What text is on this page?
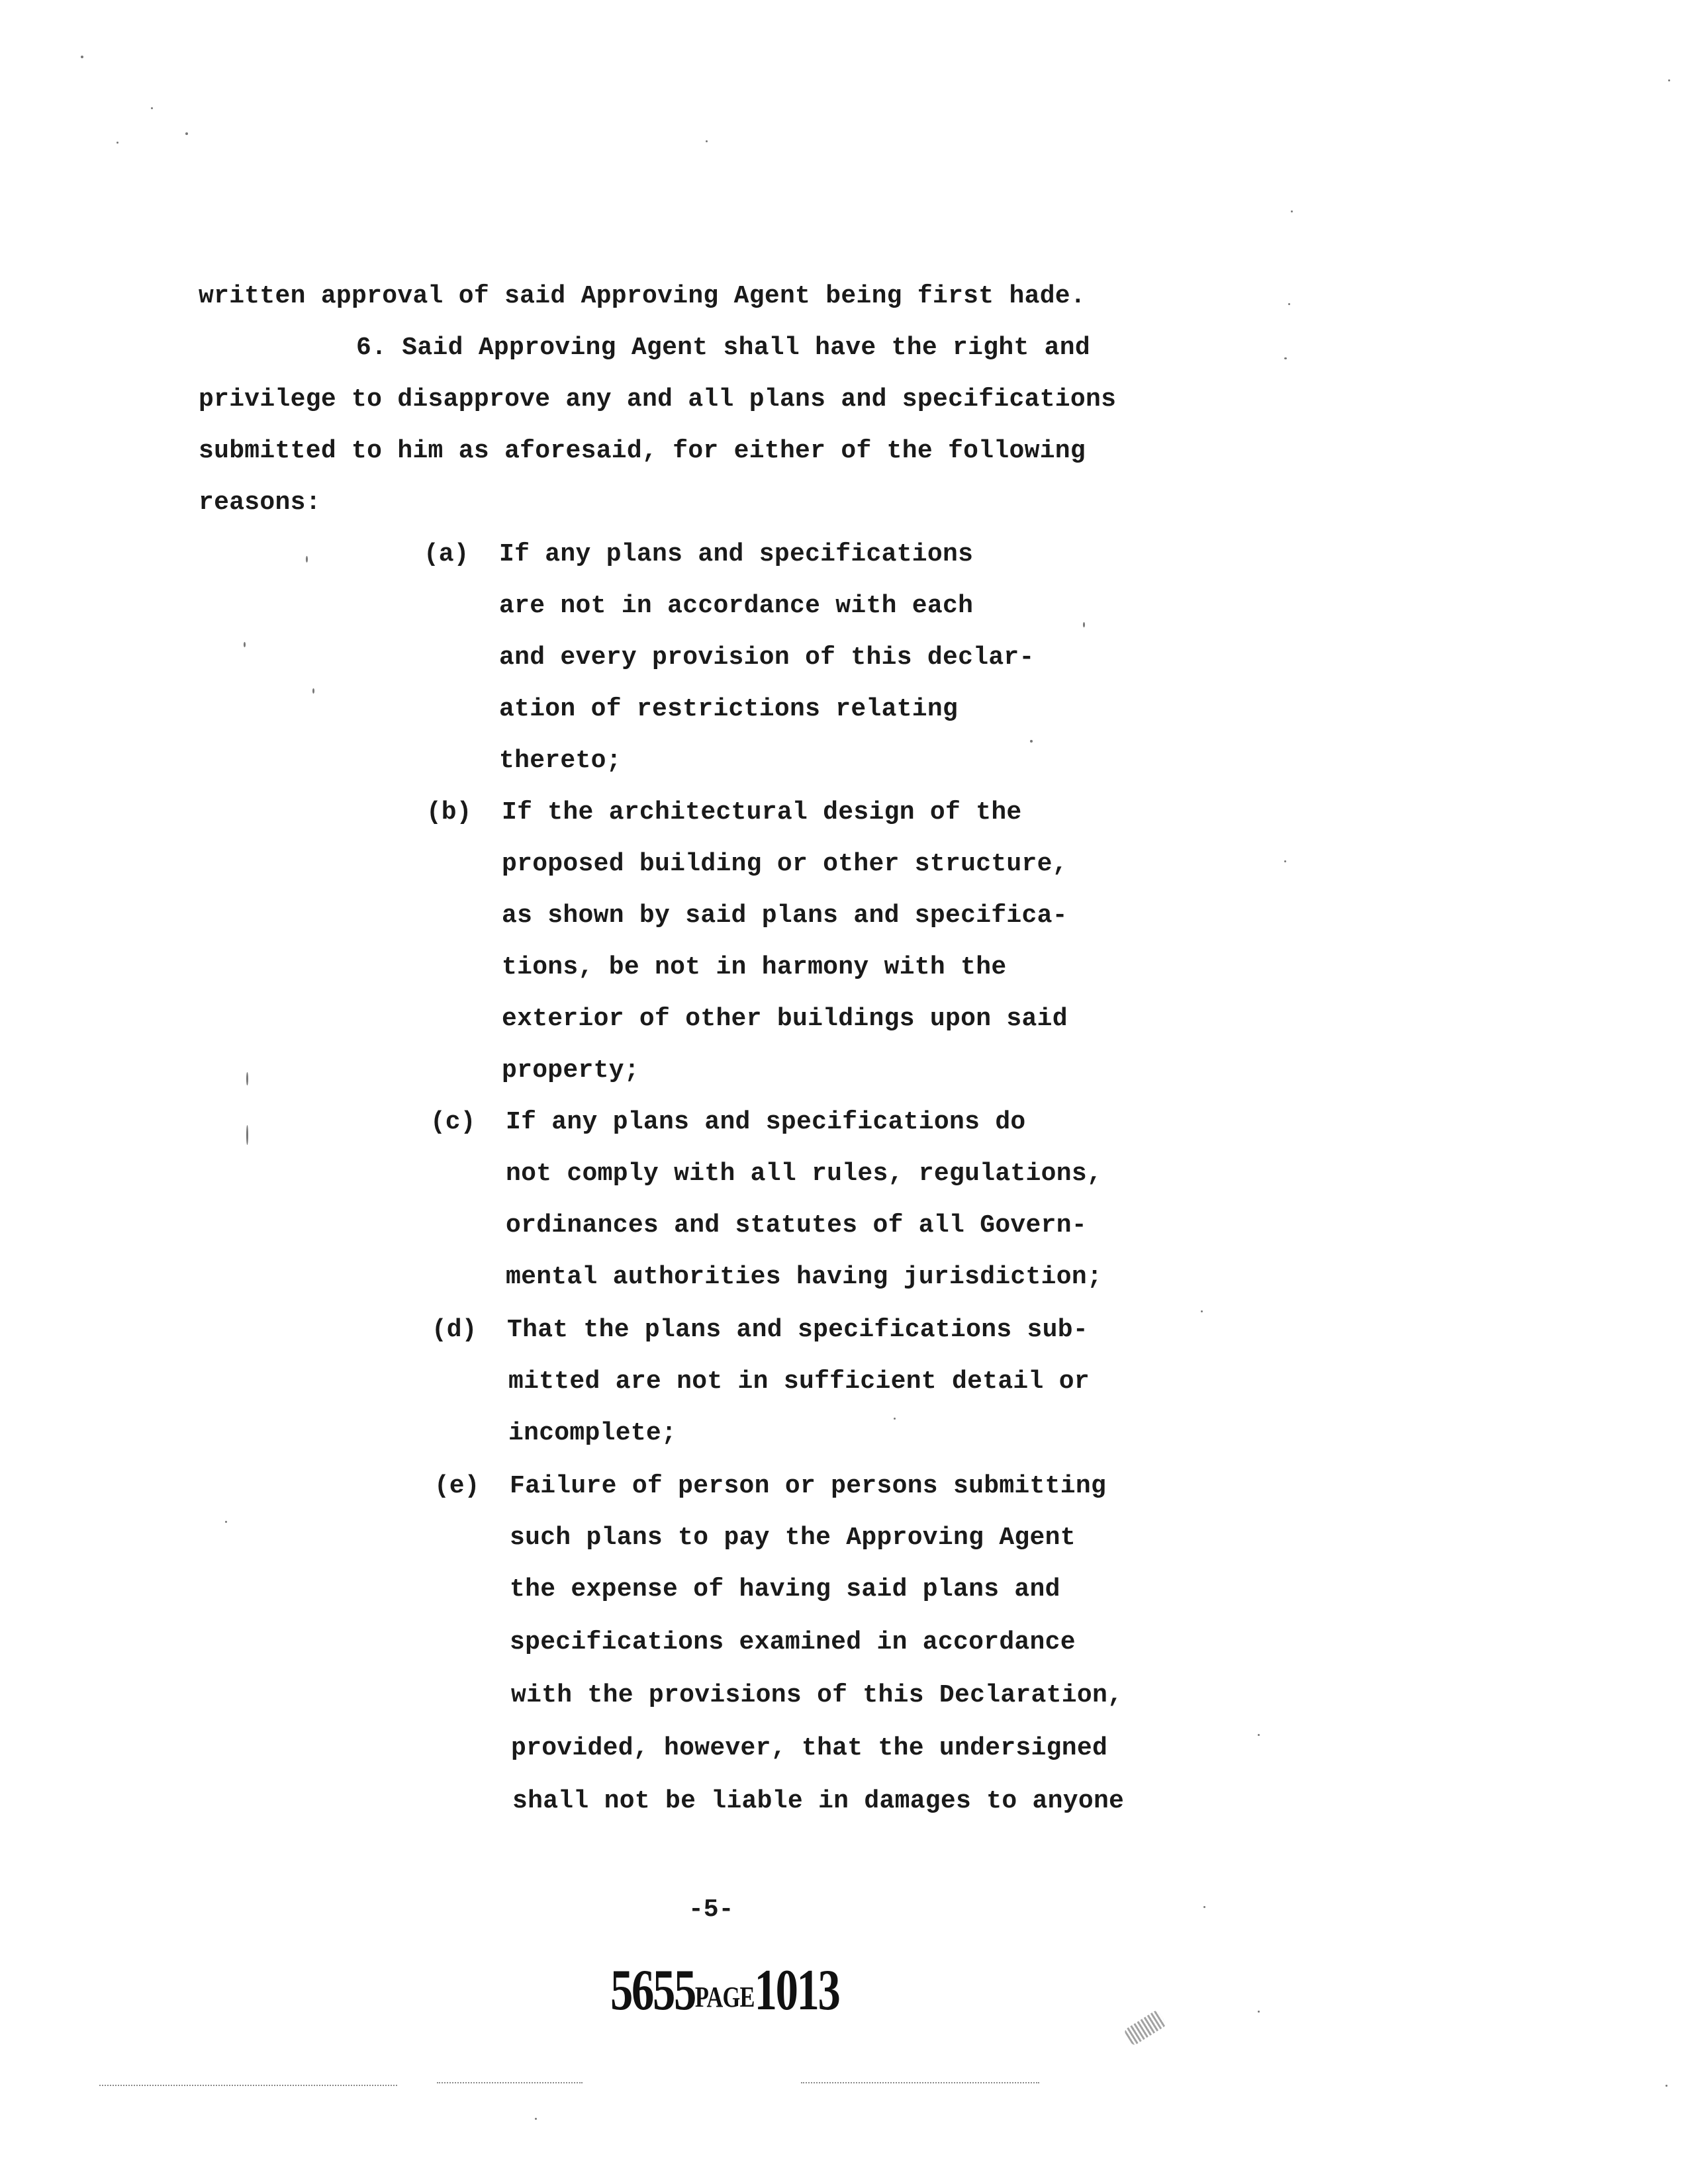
written approval of said Approving Agent being first hade.
6. Said Approving Agent shall have the right and
privilege to disapprove any and all plans and specifications
submitted to him as aforesaid, for either of the following
reasons:
(a) If any plans and specifications
are not in accordance with each
and every provision of this declar-
ation of restrictions relating
thereto;
(b) If the architectural design of the
proposed building or other structure,
as shown by said plans and specifica-
tions, be not in harmony with the
exterior of other buildings upon said
property;
(c) If any plans and specifications do
not comply with all rules, regulations,
ordinances and statutes of all Govern-
mental authorities having jurisdiction;
(d) That the plans and specifications sub-
mitted are not in sufficient detail or
incomplete;
(e) Failure of person or persons submitting
such plans to pay the Approving Agent
the expense of having said plans and
specifications examined in accordance
with the provisions of this Declaration,
provided, however, that the undersigned
shall not be liable in damages to anyone
-5-
5655PAGE1013
